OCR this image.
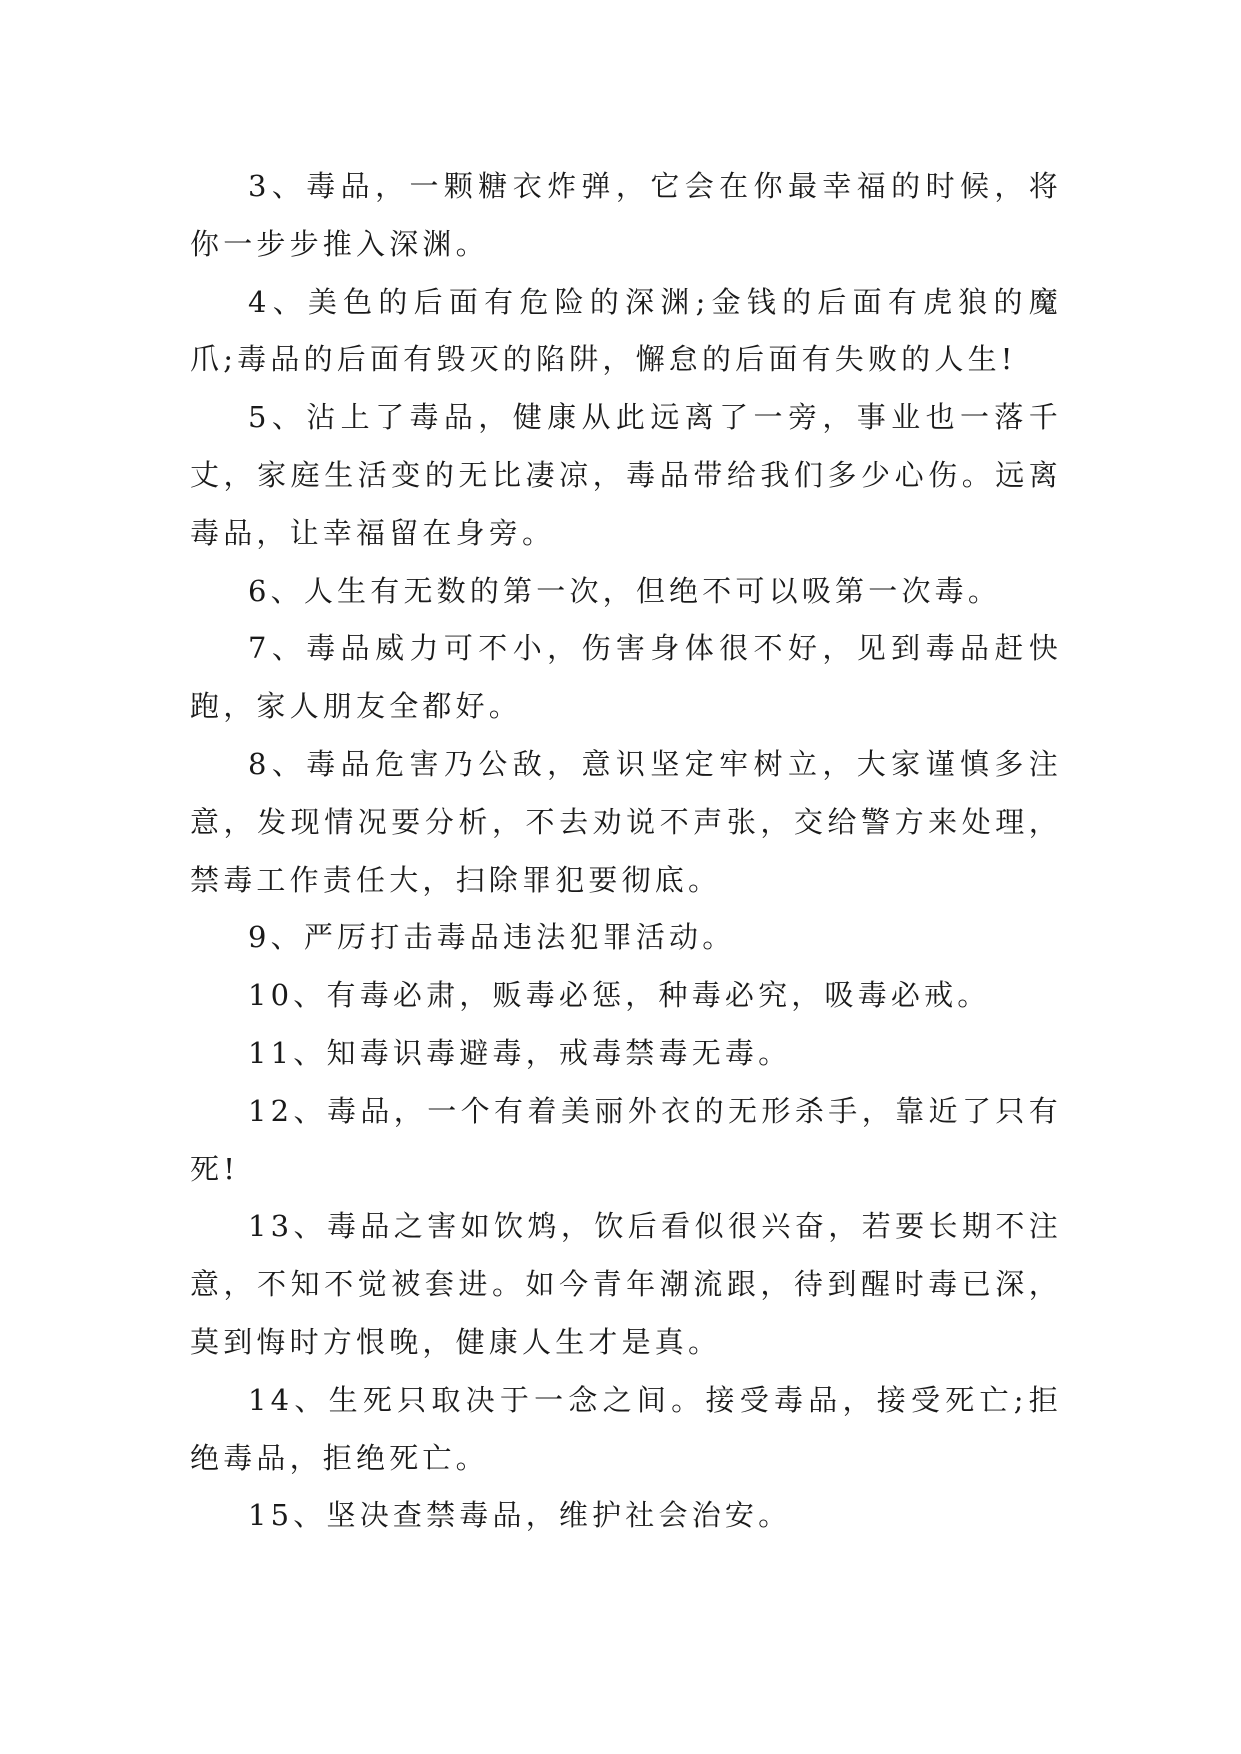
3、毒品，一颗糖衣炸弹，它会在你最幸福的时候，将你一步步推入深渊。

4、美色的后面有危险的深渊;金钱的后面有虎狼的魔爪;毒品的后面有毁灭的陷阱，懈怠的后面有失败的人生!

5、沾上了毒品，健康从此远离了一旁，事业也一落千丈，家庭生活变的无比凄凉，毒品带给我们多少心伤。远离毒品，让幸福留在身旁。

6、人生有无数的第一次，但绝不可以吸第一次毒。

7、毒品威力可不小，伤害身体很不好，见到毒品赶快跑，家人朋友全都好。

8、毒品危害乃公敌，意识坚定牢树立，大家谨慎多注意，发现情况要分析，不去劝说不声张，交给警方来处理，禁毒工作责任大，扫除罪犯要彻底。

9、严厉打击毒品违法犯罪活动。

10、有毒必肃，贩毒必惩，种毒必究，吸毒必戒。

11、知毒识毒避毒，戒毒禁毒无毒。

12、毒品，一个有着美丽外衣的无形杀手，靠近了只有死!

13、毒品之害如饮鸩，饮后看似很兴奋，若要长期不注意，不知不觉被套进。如今青年潮流跟，待到醒时毒已深，莫到悔时方恨晚，健康人生才是真。

14、生死只取决于一念之间。接受毒品，接受死亡;拒绝毒品，拒绝死亡。

15、坚决查禁毒品，维护社会治安。
